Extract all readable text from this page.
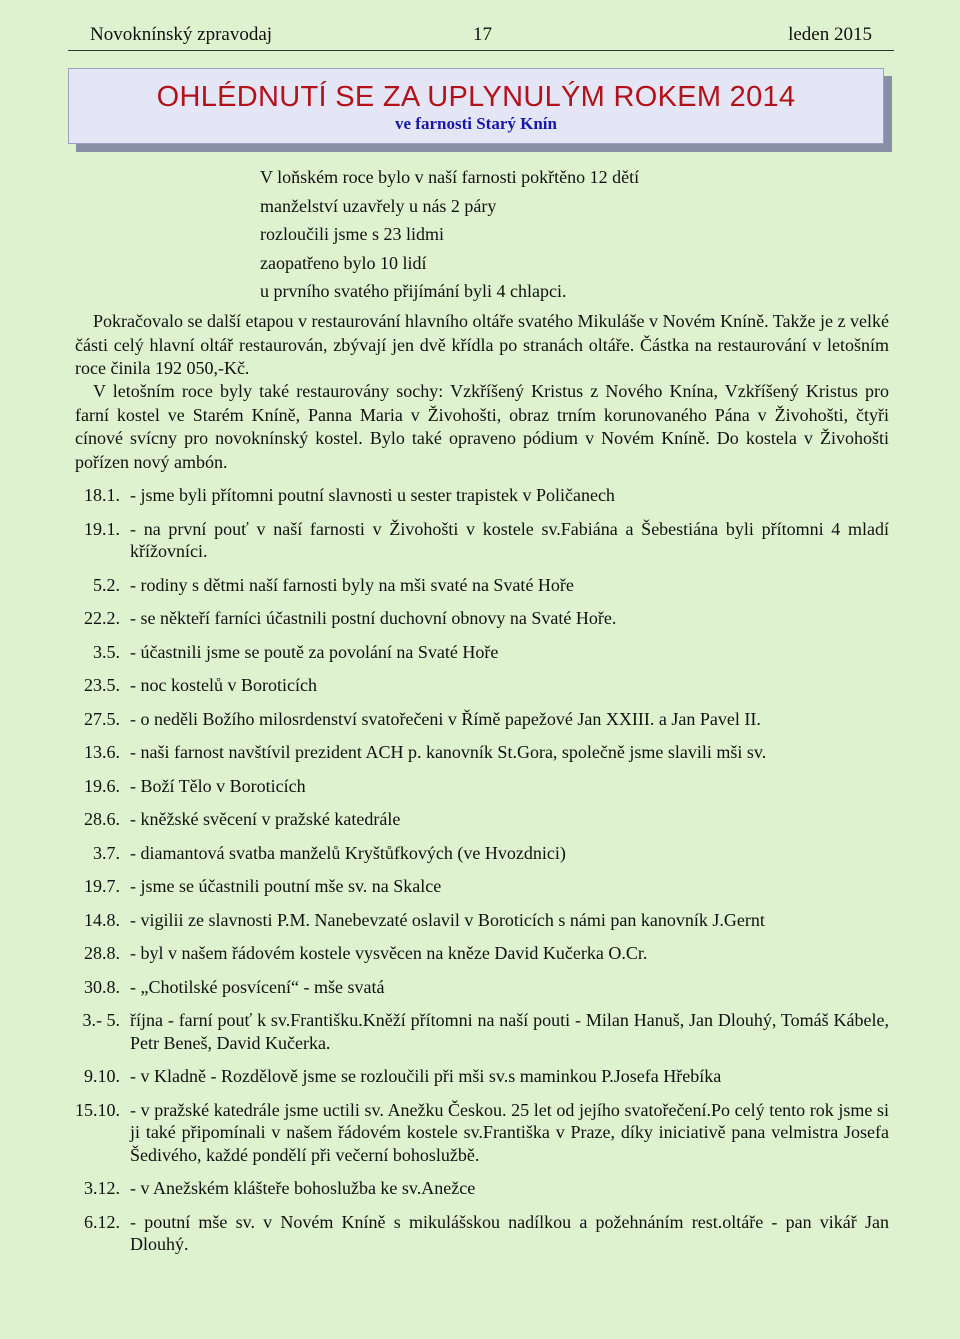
Novoknínský zpravodaj	17	leden 2015
OHLÉDNUTÍ SE ZA UPLYNULÝM ROKEM 2014
ve farnosti Starý Knín
V loňském roce bylo v naší farnosti pokřtěno 12 dětí
manželství uzavřely u nás 2 páry
rozloučili jsme s 23 lidmi
zaopatřeno bylo 10 lidí
u prvního svatého přijímání byli 4 chlapci.
 Pokračovalo se další etapou v restaurování hlavního oltáře svatého Mikuláše v Novém Kníně. Takže je z velké části celý hlavní oltář restaurován, zbývají jen dvě křídla po stranách oltáře. Částka na restaurování v letošním roce činila 192 050,-Kč.
 V letošním roce byly také restaurovány sochy: Vzkříšený Kristus z Nového Knína, Vzkříšený Kristus pro farní kostel ve Starém Kníně, Panna Maria v Živohošti, obraz trním korunovaného Pána v Živohošti, čtyři cínové svícny pro novoknínský kostel. Bylo také opraveno pódium v Novém Kníně. Do kostela v Živohošti pořízen nový ambón.
18.1. - jsme byli přítomni poutní slavnosti u sester trapistek v Poličanech
19.1. - na první pouť v naší farnosti v Živohošti v kostele sv.Fabiána a Šebestiána byli přítomni 4 mladí křížovníci.
5.2. - rodiny s dětmi naší farnosti byly na mši svaté na Svaté Hoře
22.2. - se někteří farníci účastnili postní duchovní obnovy na Svaté Hoře.
3.5. - účastnili jsme se poutě za povolání na Svaté Hoře
23.5. - noc kostelů v Boroticích
27.5. - o neděli Božího milosrdenství svatořečeni v Římě papežové Jan XXIII. a Jan Pavel II.
13.6. - naši farnost navštívil prezident ACH p. kanovník St.Gora, společně jsme slavili mši sv.
19.6. - Boží Tělo v Boroticích
28.6. - kněžské svěcení v pražské katedrále
3.7. - diamantová svatba manželů Kryštůfkových (ve Hvozdnici)
19.7. - jsme se účastnili poutní mše sv. na Skalce
14.8. - vigilii ze slavnosti P.M. Nanebevzaté oslavil v Boroticích s námi pan kanovník J.Gernt
28.8. - byl v našem řádovém kostele vysvěcen na kněze David Kučerka O.Cr.
30.8. - „Chotilské posvícení“ - mše svatá
3.- 5. října - farní pouť k sv.Františku.Kněží přítomni na naší pouti - Milan Hanuš, Jan Dlouhý, Tomáš Kábele, Petr Beneš, David Kučerka.
9.10. - v Kladně - Rozdělově jsme se rozloučili při mši sv.s maminkou P.Josefa Hřebíka
15.10. - v pražské katedrále jsme uctili sv. Anežku Českou. 25 let od jejího svatořečení.Po celý tento rok jsme si ji také připomínali v našem řádovém kostele sv.Františka v Praze, díky iniciativě pana velmistra Josefa Šedivého, každé pondělí při večerní bohoslužbě.
3.12. - v Anežském klášteře bohoslužba ke sv.Anežce
6.12. - poutní mše sv. v Novém Kníně s mikulášskou nadílkou a požehnáním rest.oltáře - pan vikář Jan Dlouhý.
